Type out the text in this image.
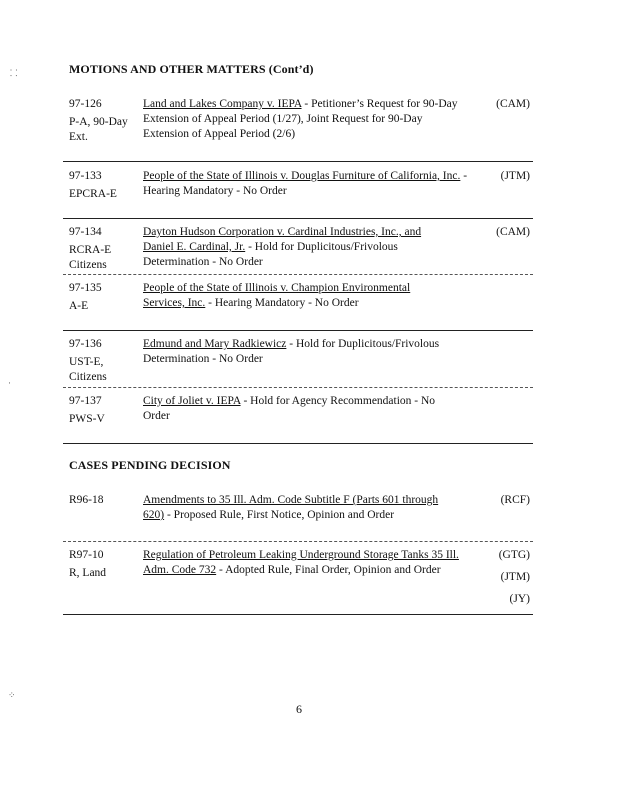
MOTIONS AND OTHER MATTERS (Cont’d)
97-126
P-A, 90-Day Ext.
Land and Lakes Company v. IEPA - Petitioner’s Request for 90-Day Extension of Appeal Period (1/27), Joint Request for 90-Day Extension of Appeal Period (2/6)
(CAM)
97-133
EPCRA-E
People of the State of Illinois v. Douglas Furniture of California, Inc. - Hearing Mandatory - No Order
(JTM)
97-134
RCRA-E Citizens
Dayton Hudson Corporation v. Cardinal Industries, Inc., and Daniel E. Cardinal, Jr. - Hold for Duplicitous/Frivolous Determination - No Order
(CAM)
97-135
A-E
People of the State of Illinois v. Champion Environmental Services, Inc. - Hearing Mandatory - No Order
97-136
UST-E, Citizens
Edmund and Mary Radkiewicz - Hold for Duplicitous/Frivolous Determination - No Order
97-137
PWS-V
City of Joliet v. IEPA - Hold for Agency Recommendation - No Order
CASES PENDING DECISION
R96-18	Amendments to 35 Ill. Adm. Code Subtitle F (Parts 601 through 620) - Proposed Rule, First Notice, Opinion and Order
(RCF)
R97-10
R, Land
Regulation of Petroleum Leaking Underground Storage Tanks 35 Ill. Adm. Code 732 - Adopted Rule, Final Order, Opinion and Order
(GTG)
(JTM)
(JY)
6
⸬
·
⁘
